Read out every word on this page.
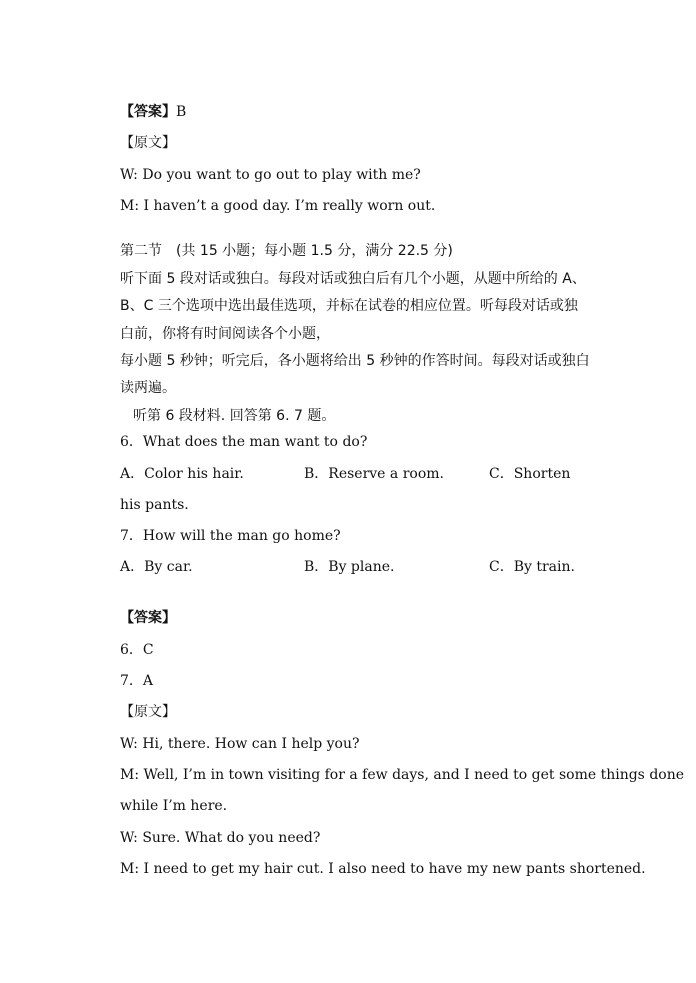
【答案】B
【原文】
W: Do you want to go out to play with me?
M: I haven’t a good day. I’m really worn out.
第二节　(共 15 小题；每小题 1.5 分，满分 22.5 分)
听下面 5 段对话或独白。每段对话或独白后有几个小题，从题中所给的 A、
B、C 三个选项中选出最佳选项，并标在试卷的相应位置。听每段对话或独
白前，你将有时间阅读各个小题，
每小题 5 秒钟；听完后，各小题将给出 5 秒钟的作答时间。每段对话或独白
读两遍。
听第 6 段材料. 回答第 6. 7 题。
6．What does the man want to do?
A．Color his hair.	B．Reserve a room.	C．Shorten
his pants.
7．How will the man go home?
A．By car.	B．By plane.	C．By train.
【答案】
6．C
7．A
【原文】
W: Hi, there. How can I help you?
M: Well, I’m in town visiting for a few days, and I need to get some things done
while I’m here.
W: Sure. What do you need?
M: I need to get my hair cut. I also need to have my new pants shortened.
